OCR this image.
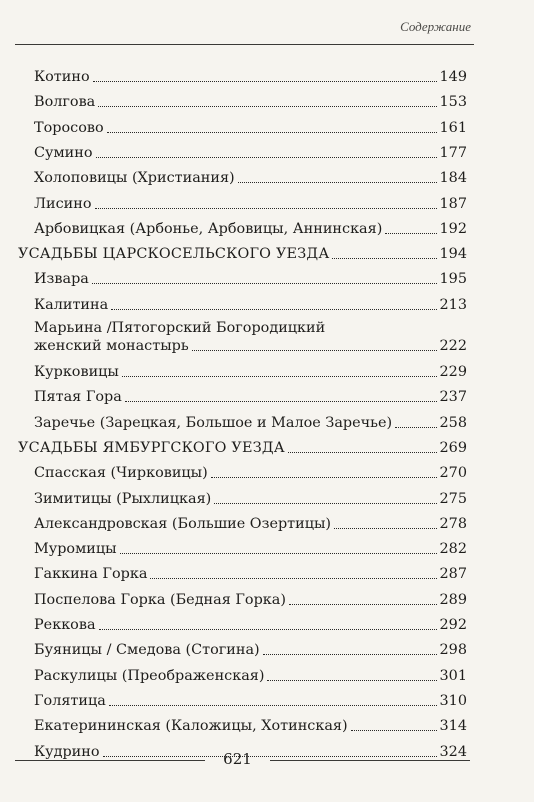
Содержание
Котино	149
Волгова	153
Торосово	161
Сумино	177
Холоповицы (Христиания)	184
Лисино	187
Арбовицкая (Арбонье, Арбовицы, Аннинская)	192
УСАДЬБЫ ЦАРСКОСЕЛЬСКОГО УЕЗДА	194
Извара	195
Калитина	213
Марьина /Пятогорский Богородицкий
женский монастырь	222
Курковицы	229
Пятая Гора	237
Заречье (Зарецкая, Большое и Малое Заречье)	258
УСАДЬБЫ ЯМБУРГСКОГО УЕЗДА	269
Спасская (Чирковицы)	270
Зимитицы (Рыхлицкая)	275
Александровская (Большие Озертицы)	278
Муромицы	282
Гаккина Горка	287
Поспелова Горка (Бедная Горка)	289
Реккова	292
Буяницы / Смедова (Стогина)	298
Раскулицы (Преображенская)	301
Голятица	310
Екатерининская (Каложицы, Хотинская)	314
Кудрино	324
621
